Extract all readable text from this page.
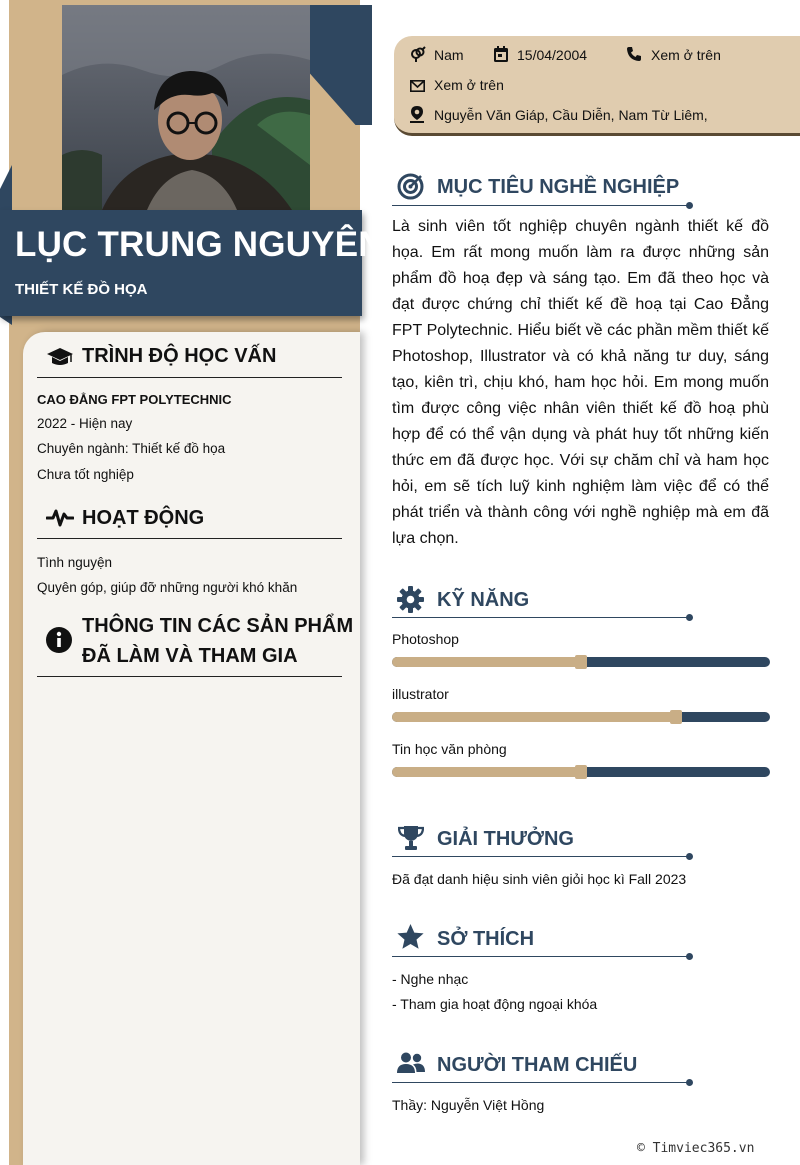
LỤC TRUNG NGUYÊN
THIẾT KẾ ĐỒ HỌA
TRÌNH ĐỘ HỌC VẤN
CAO ĐẲNG FPT POLYTECHNIC
2022 - Hiện nay
Chuyên ngành: Thiết kế đồ họa
Chưa tốt nghiệp
HOẠT ĐỘNG
Tình nguyện
Quyên góp, giúp đỡ những người khó khăn
THÔNG TIN CÁC SẢN PHẨM
ĐÃ LÀM VÀ THAM GIA
Nam	15/04/2004	Xem ở trên
Xem ở trên
Nguyễn Văn Giáp, Cầu Diễn, Nam Từ Liêm,
MỤC TIÊU NGHỀ NGHIỆP
Là sinh viên tốt nghiệp chuyên ngành thiết kế đồ họa. Em rất mong muốn làm ra được những sản phẩm đồ hoạ đẹp và sáng tạo. Em đã theo học và đạt được chứng chỉ thiết kế đề hoạ tại Cao Đẳng FPT Polytechnic. Hiểu biết về các phần mềm thiết kế Photoshop, Illustrator và có khả năng tư duy, sáng tạo, kiên trì, chịu khó, ham học hỏi. Em mong muốn tìm được công việc nhân viên thiết kế đồ hoạ phù hợp để có thể vận dụng và phát huy tốt những kiến thức em đã được học. Với sự chăm chỉ và ham học hỏi, em sẽ tích luỹ kinh nghiệm làm việc để có thể phát triển và thành công với nghề nghiệp mà em đã lựa chọn.
KỸ NĂNG
Photoshop
illustrator
Tin học văn phòng
GIẢI THƯỞNG
Đã đạt danh hiệu sinh viên giỏi học kì Fall 2023
SỞ THÍCH
- Nghe nhạc
- Tham gia hoạt động ngoại khóa
NGƯỜI THAM CHIẾU
Thầy: Nguyễn Việt Hồng
© Timviec365.vn
